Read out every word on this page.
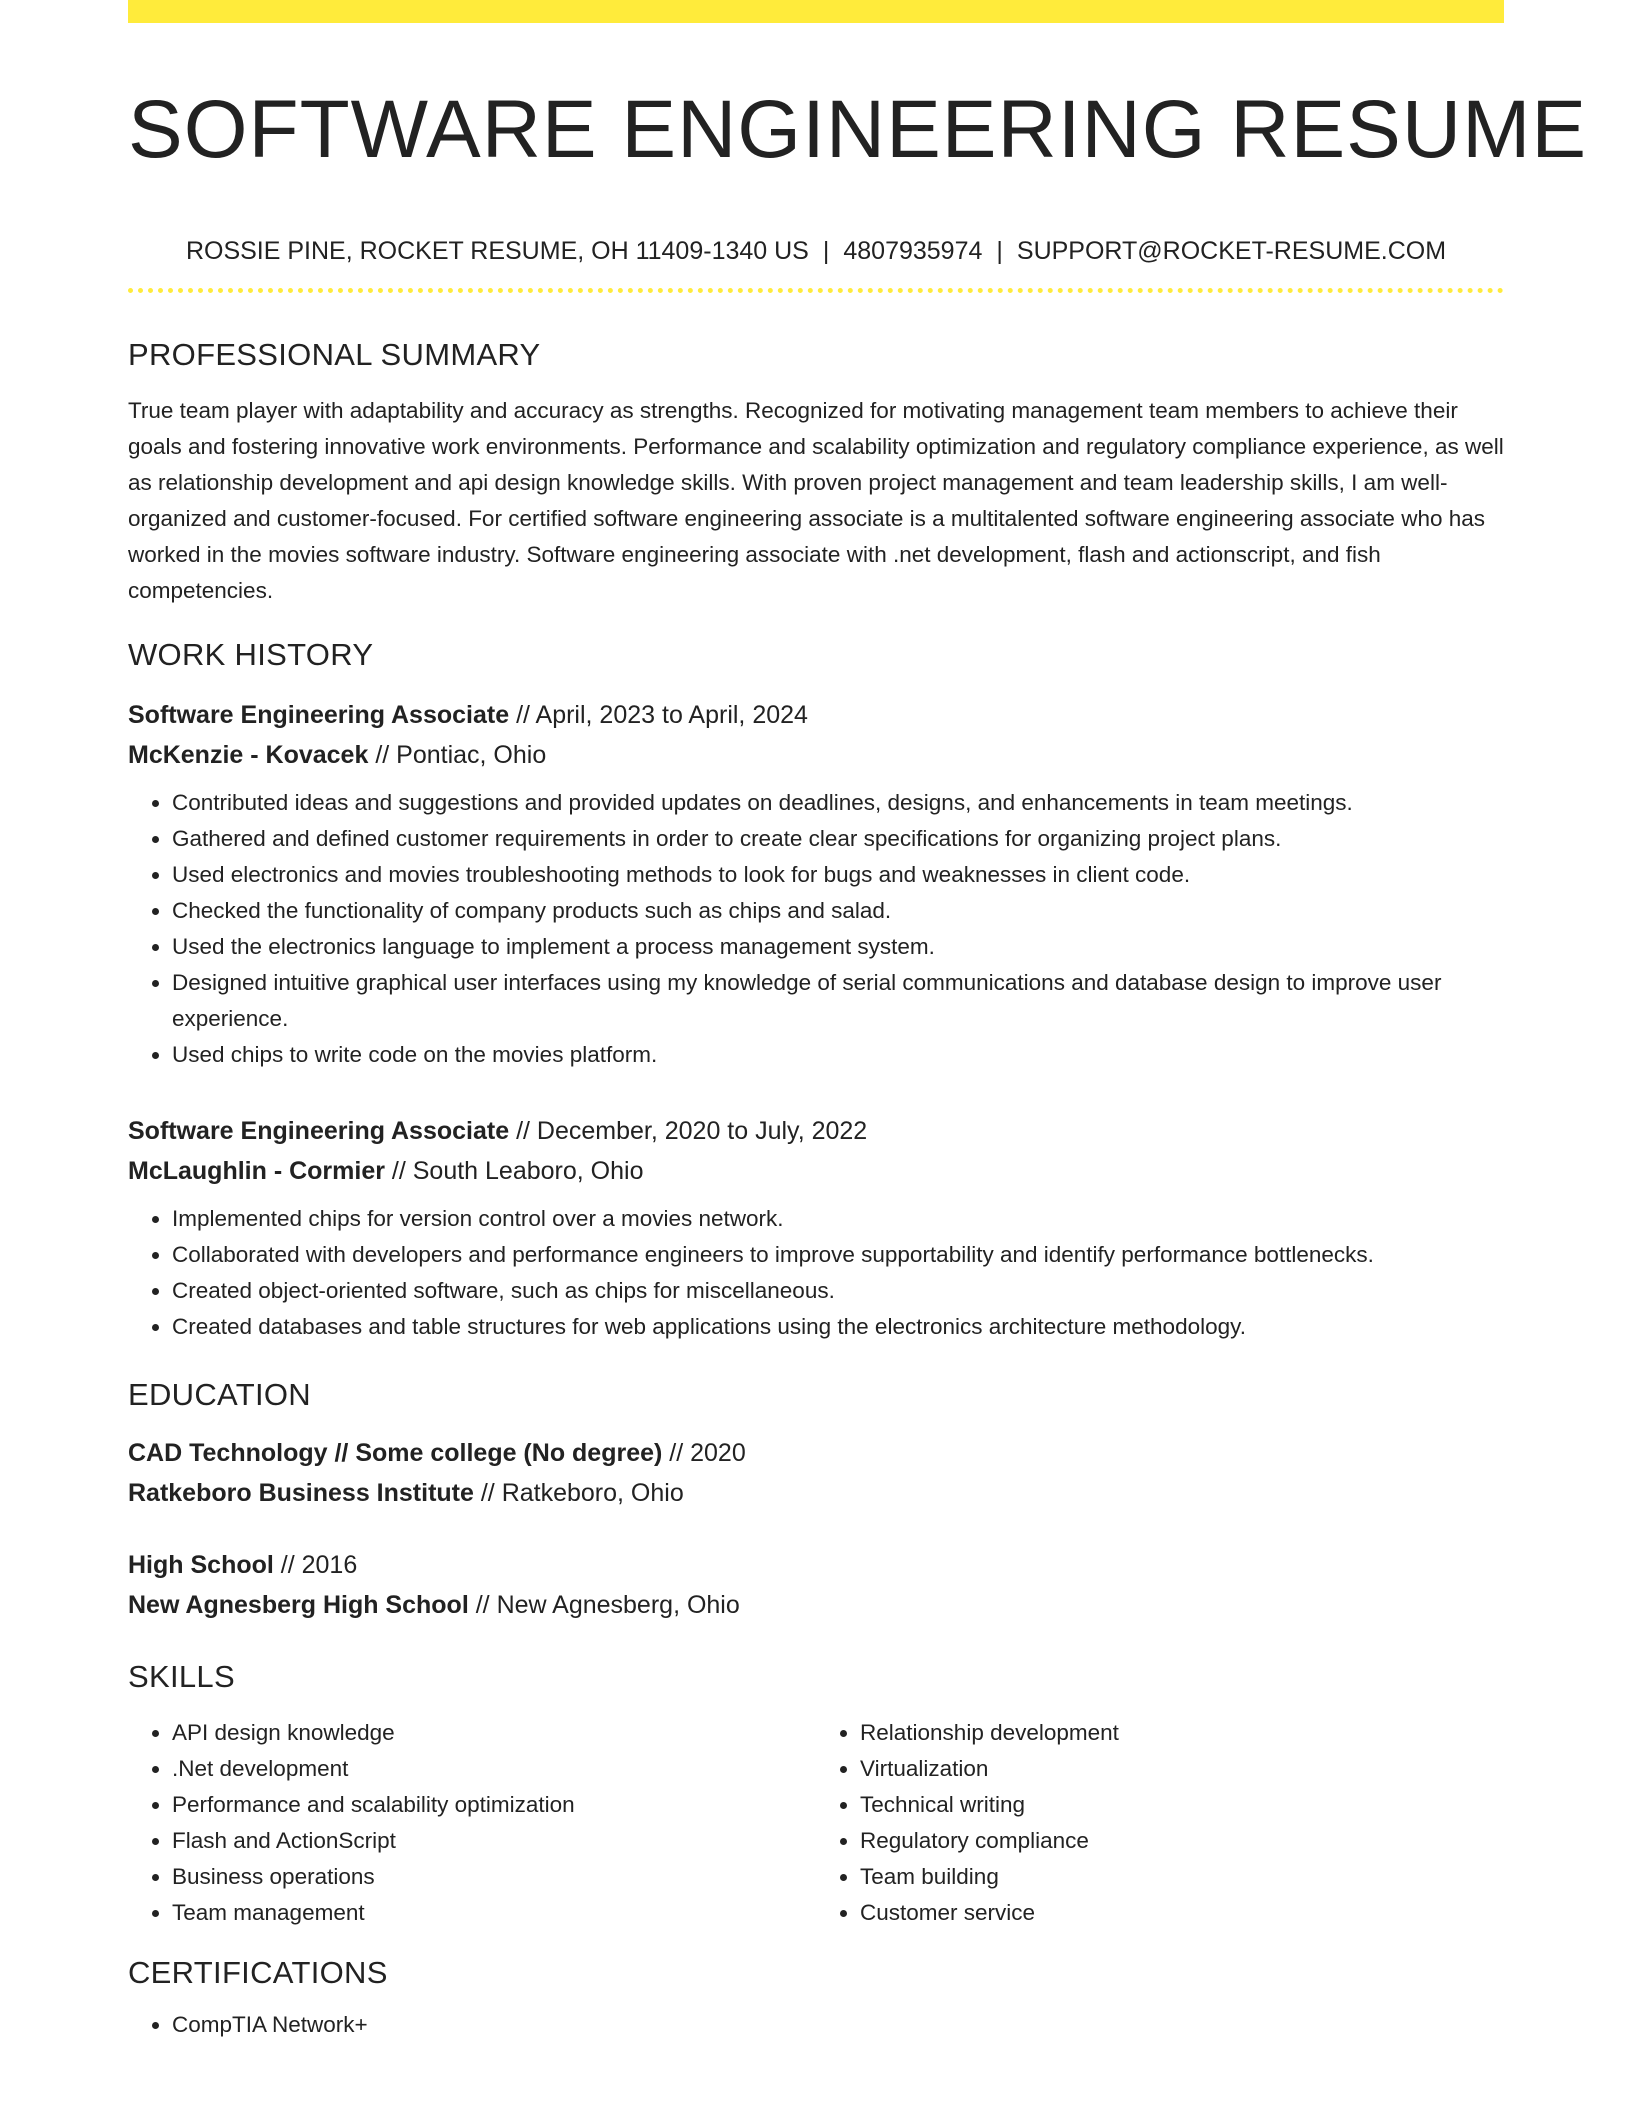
SOFTWARE ENGINEERING RESUME
ROSSIE PINE, ROCKET RESUME, OH 11409-1340 US | 4807935974 | SUPPORT@ROCKET-RESUME.COM
PROFESSIONAL SUMMARY
True team player with adaptability and accuracy as strengths. Recognized for motivating management team members to achieve their goals and fostering innovative work environments. Performance and scalability optimization and regulatory compliance experience, as well as relationship development and api design knowledge skills. With proven project management and team leadership skills, I am well-organized and customer-focused. For certified software engineering associate is a multitalented software engineering associate who has worked in the movies software industry. Software engineering associate with .net development, flash and actionscript, and fish competencies.
WORK HISTORY
Software Engineering Associate // April, 2023 to April, 2024
McKenzie - Kovacek // Pontiac, Ohio
• Contributed ideas and suggestions and provided updates on deadlines, designs, and enhancements in team meetings.
• Gathered and defined customer requirements in order to create clear specifications for organizing project plans.
• Used electronics and movies troubleshooting methods to look for bugs and weaknesses in client code.
• Checked the functionality of company products such as chips and salad.
• Used the electronics language to implement a process management system.
• Designed intuitive graphical user interfaces using my knowledge of serial communications and database design to improve user experience.
• Used chips to write code on the movies platform.
Software Engineering Associate // December, 2020 to July, 2022
McLaughlin - Cormier // South Leaboro, Ohio
• Implemented chips for version control over a movies network.
• Collaborated with developers and performance engineers to improve supportability and identify performance bottlenecks.
• Created object-oriented software, such as chips for miscellaneous.
• Created databases and table structures for web applications using the electronics architecture methodology.
EDUCATION
CAD Technology // Some college (No degree) // 2020
Ratkeboro Business Institute // Ratkeboro, Ohio
High School // 2016
New Agnesberg High School // New Agnesberg, Ohio
SKILLS
• API design knowledge
• .Net development
• Performance and scalability optimization
• Flash and ActionScript
• Business operations
• Team management
• Relationship development
• Virtualization
• Technical writing
• Regulatory compliance
• Team building
• Customer service
CERTIFICATIONS
• CompTIA Network+
